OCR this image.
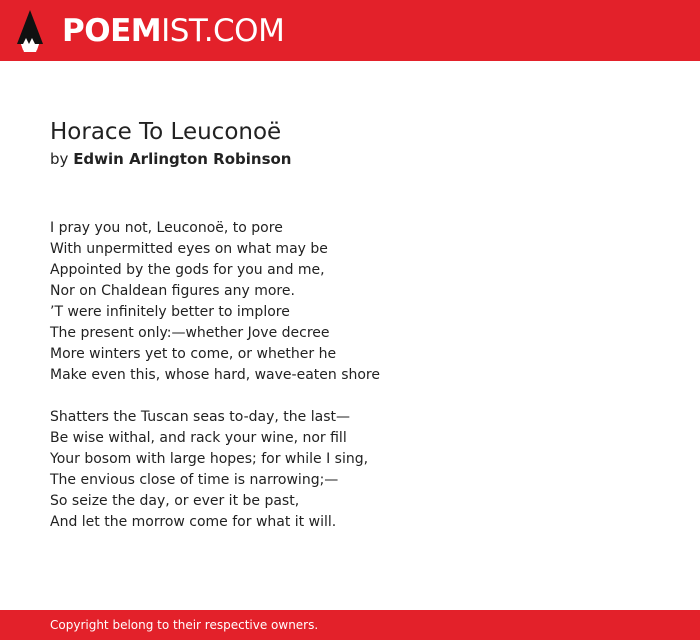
POEMIST.COM
Horace To Leuconoë
by Edwin Arlington Robinson
I pray you not, Leuconoë, to pore
With unpermitted eyes on what may be
Appointed by the gods for you and me,
Nor on Chaldean figures any more.
’T were infinitely better to implore
The present only:—whether Jove decree
More winters yet to come, or whether he
Make even this, whose hard, wave-eaten shore
Shatters the Tuscan seas to-day, the last—
Be wise withal, and rack your wine, nor fill
Your bosom with large hopes; for while I sing,
The envious close of time is narrowing;—
So seize the day, or ever it be past,
And let the morrow come for what it will.
Copyright belong to their respective owners.
